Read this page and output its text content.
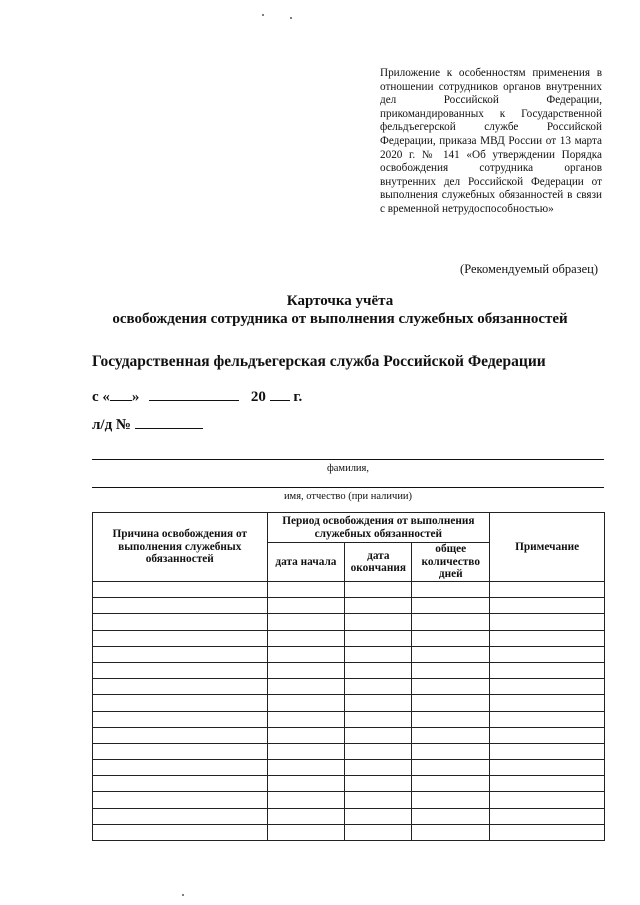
Приложение к особенностям применения в отношении сотрудников органов внутренних дел Российской Федерации, прикомандированных к Государственной фельдъегерской службе Российской Федерации, приказа МВД России от 13 марта 2020 г. № 141 «Об утверждении Порядка освобождения сотрудника органов внутренних дел Российской Федерации от выполнения служебных обязанностей в связи с временной нетрудоспособностью»
(Рекомендуемый образец)
Карточка учёта
освобождения сотрудника от выполнения служебных обязанностей
Государственная фельдъегерская служба Российской Федерации
с « »	20 г.
л/д №
фамилия,
имя, отчество (при наличии)
Причина освобождения от выполнения служебных обязанностей	Период освобождения от выполнения служебных обязанностей			Примечание
	дата начала	дата окончания	общее количество дней	
